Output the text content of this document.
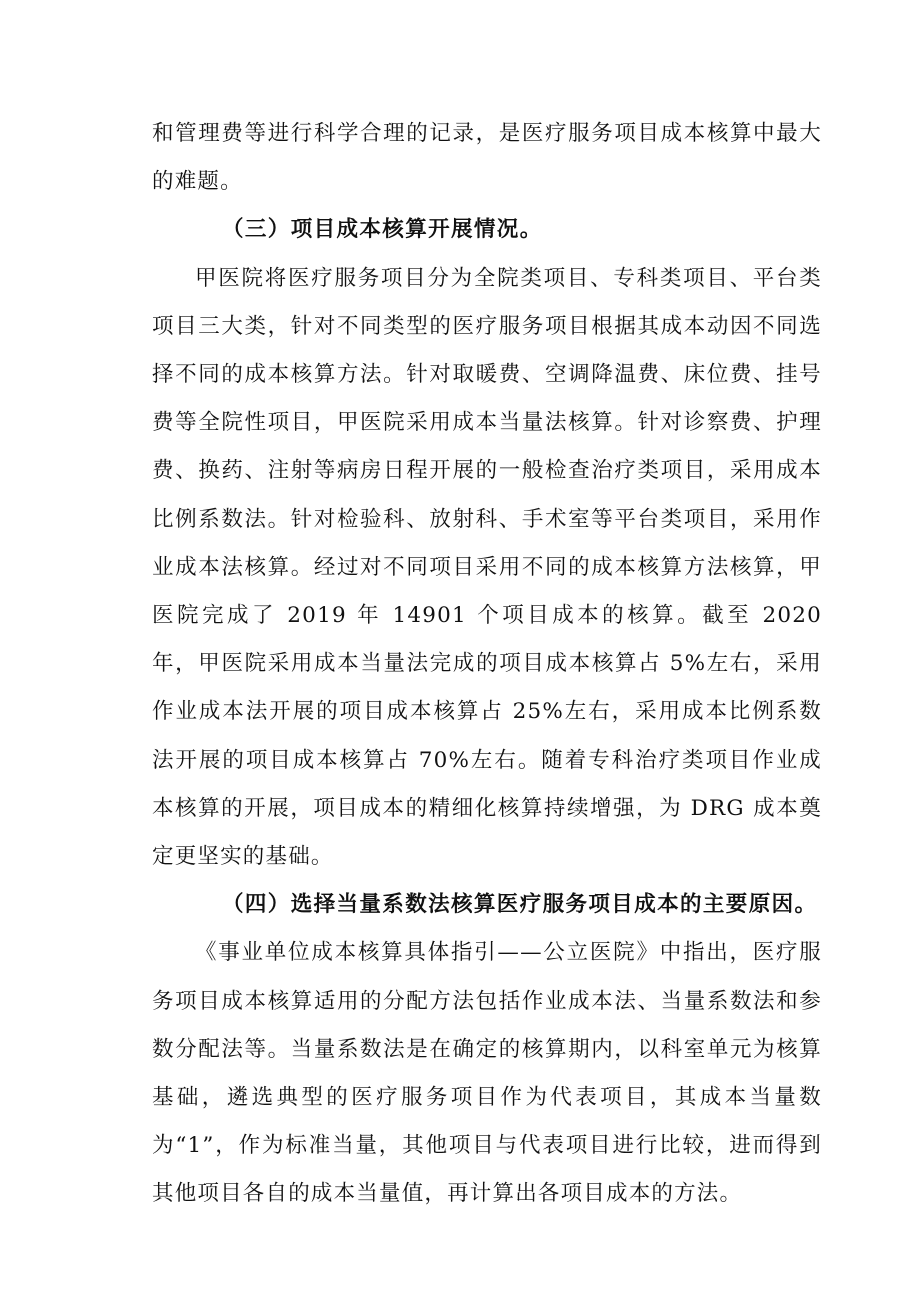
和管理费等进行科学合理的记录，是医疗服务项目成本核算中最大的难题。

（三）项目成本核算开展情况。

甲医院将医疗服务项目分为全院类项目、专科类项目、平台类项目三大类，针对不同类型的医疗服务项目根据其成本动因不同选择不同的成本核算方法。针对取暖费、空调降温费、床位费、挂号费等全院性项目，甲医院采用成本当量法核算。针对诊察费、护理费、换药、注射等病房日程开展的一般检查治疗类项目，采用成本比例系数法。针对检验科、放射科、手术室等平台类项目，采用作业成本法核算。经过对不同项目采用不同的成本核算方法核算，甲医院完成了 2019 年 14901 个项目成本的核算。截至 2020 年，甲医院采用成本当量法完成的项目成本核算占 5%左右，采用作业成本法开展的项目成本核算占 25%左右，采用成本比例系数法开展的项目成本核算占 70%左右。随着专科治疗类项目作业成本核算的开展，项目成本的精细化核算持续增强，为 DRG 成本奠定更坚实的基础。

（四）选择当量系数法核算医疗服务项目成本的主要原因。

《事业单位成本核算具体指引——公立医院》中指出，医疗服务项目成本核算适用的分配方法包括作业成本法、当量系数法和参数分配法等。当量系数法是在确定的核算期内，以科室单元为核算基础，遴选典型的医疗服务项目作为代表项目，其成本当量数为“1”，作为标准当量，其他项目与代表项目进行比较，进而得到其他项目各自的成本当量值，再计算出各项目成本的方法。
